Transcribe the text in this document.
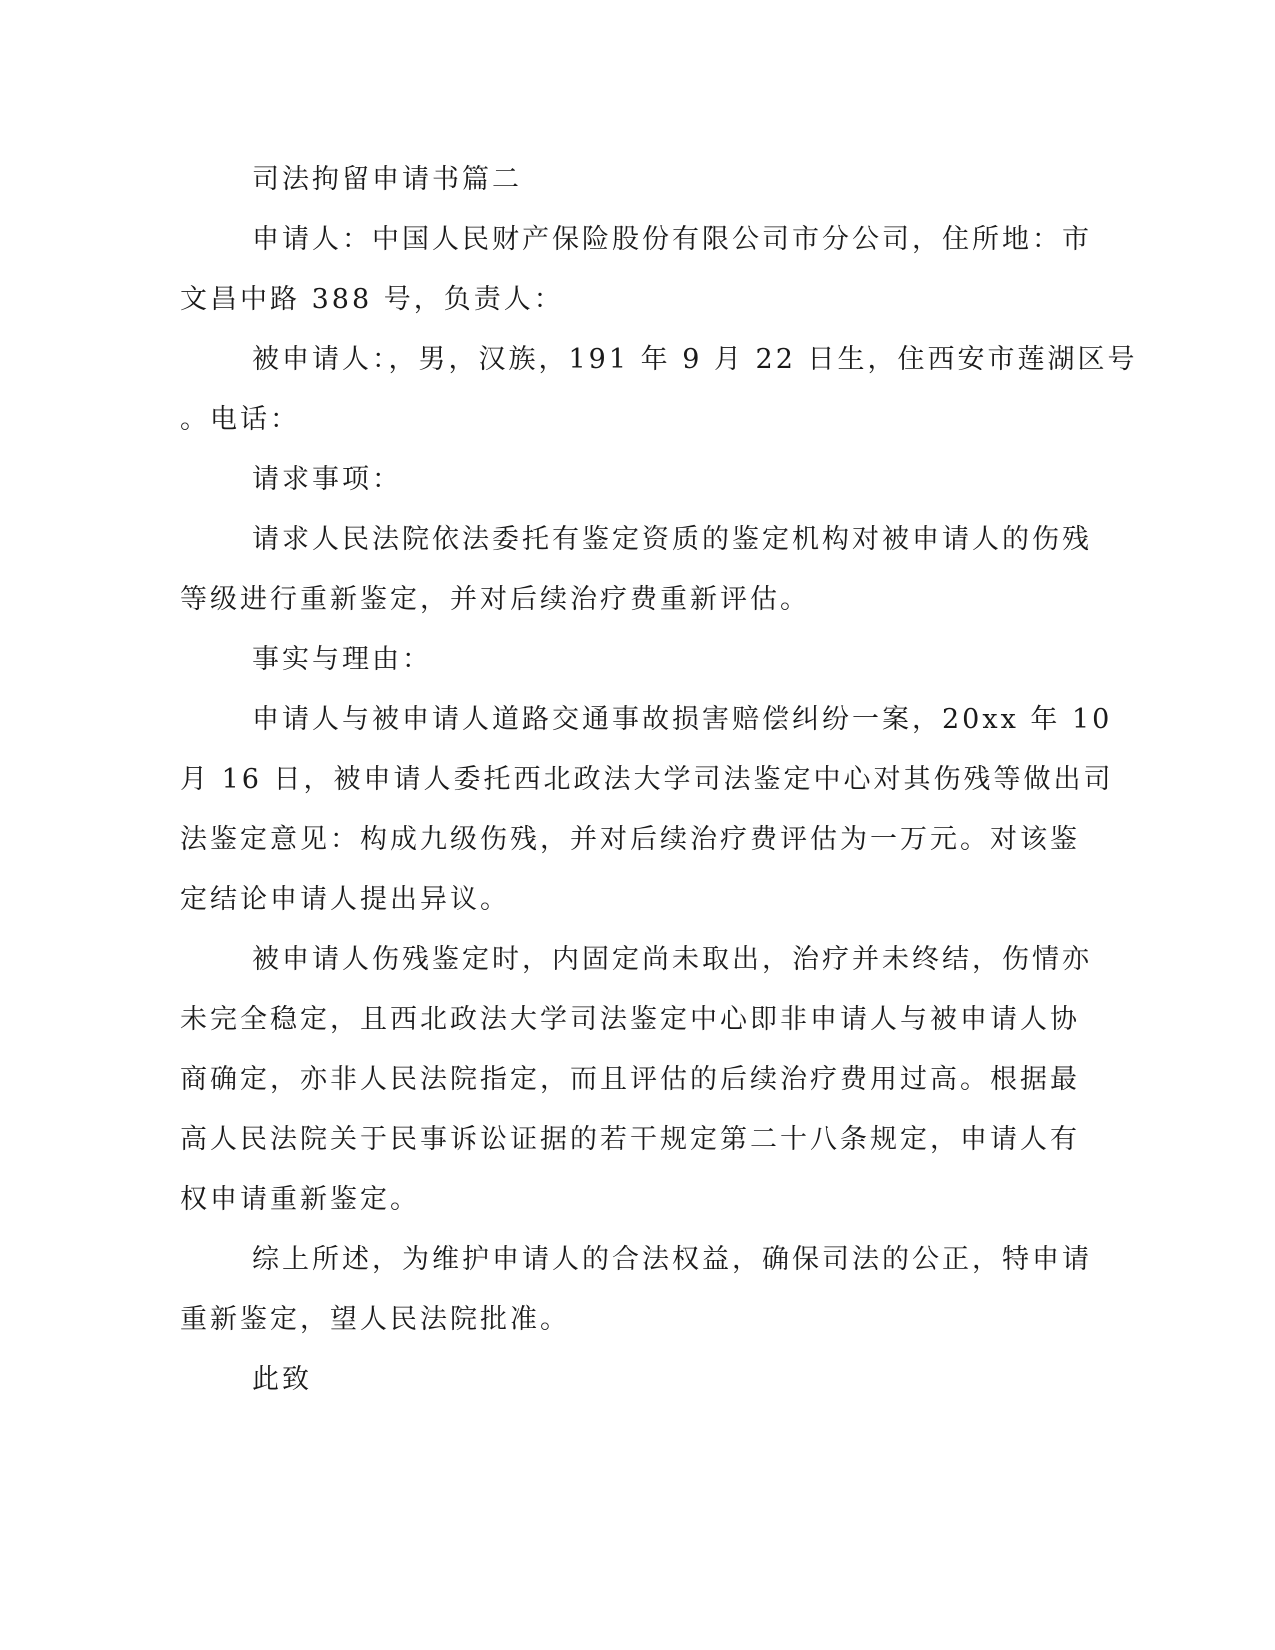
司法拘留申请书篇二
申请人：中国人民财产保险股份有限公司市分公司，住所地：市
文昌中路 388 号，负责人：
被申请人：，男，汉族，191 年 9 月 22 日生，住西安市莲湖区号
。电话：
请求事项：
请求人民法院依法委托有鉴定资质的鉴定机构对被申请人的伤残
等级进行重新鉴定，并对后续治疗费重新评估。
事实与理由：
申请人与被申请人道路交通事故损害赔偿纠纷一案，20xx 年 10
月 16 日，被申请人委托西北政法大学司法鉴定中心对其伤残等做出司
法鉴定意见：构成九级伤残，并对后续治疗费评估为一万元。对该鉴
定结论申请人提出异议。
被申请人伤残鉴定时，内固定尚未取出，治疗并未终结，伤情亦
未完全稳定，且西北政法大学司法鉴定中心即非申请人与被申请人协
商确定，亦非人民法院指定，而且评估的后续治疗费用过高。根据最
高人民法院关于民事诉讼证据的若干规定第二十八条规定，申请人有
权申请重新鉴定。
综上所述，为维护申请人的合法权益，确保司法的公正，特申请
重新鉴定，望人民法院批准。
此致
